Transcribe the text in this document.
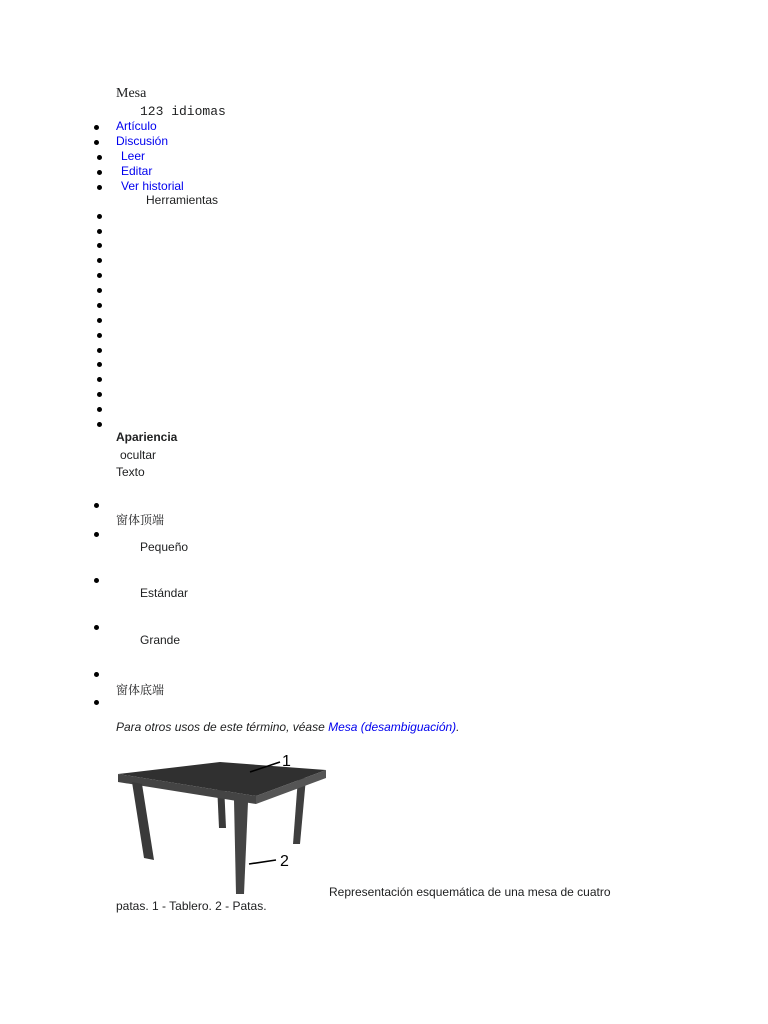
Mesa
123 idiomas
Artículo
Discusión
Leer
Editar
Ver historial
Herramientas
Apariencia
ocultar
Texto
窗体顶端
Pequeño
Estándar
Grande
窗体底端
Para otros usos de este término, véase Mesa (desambiguación).
1
2
Representación esquemática de una mesa de cuatro
patas. 1 - Tablero. 2 - Patas.
